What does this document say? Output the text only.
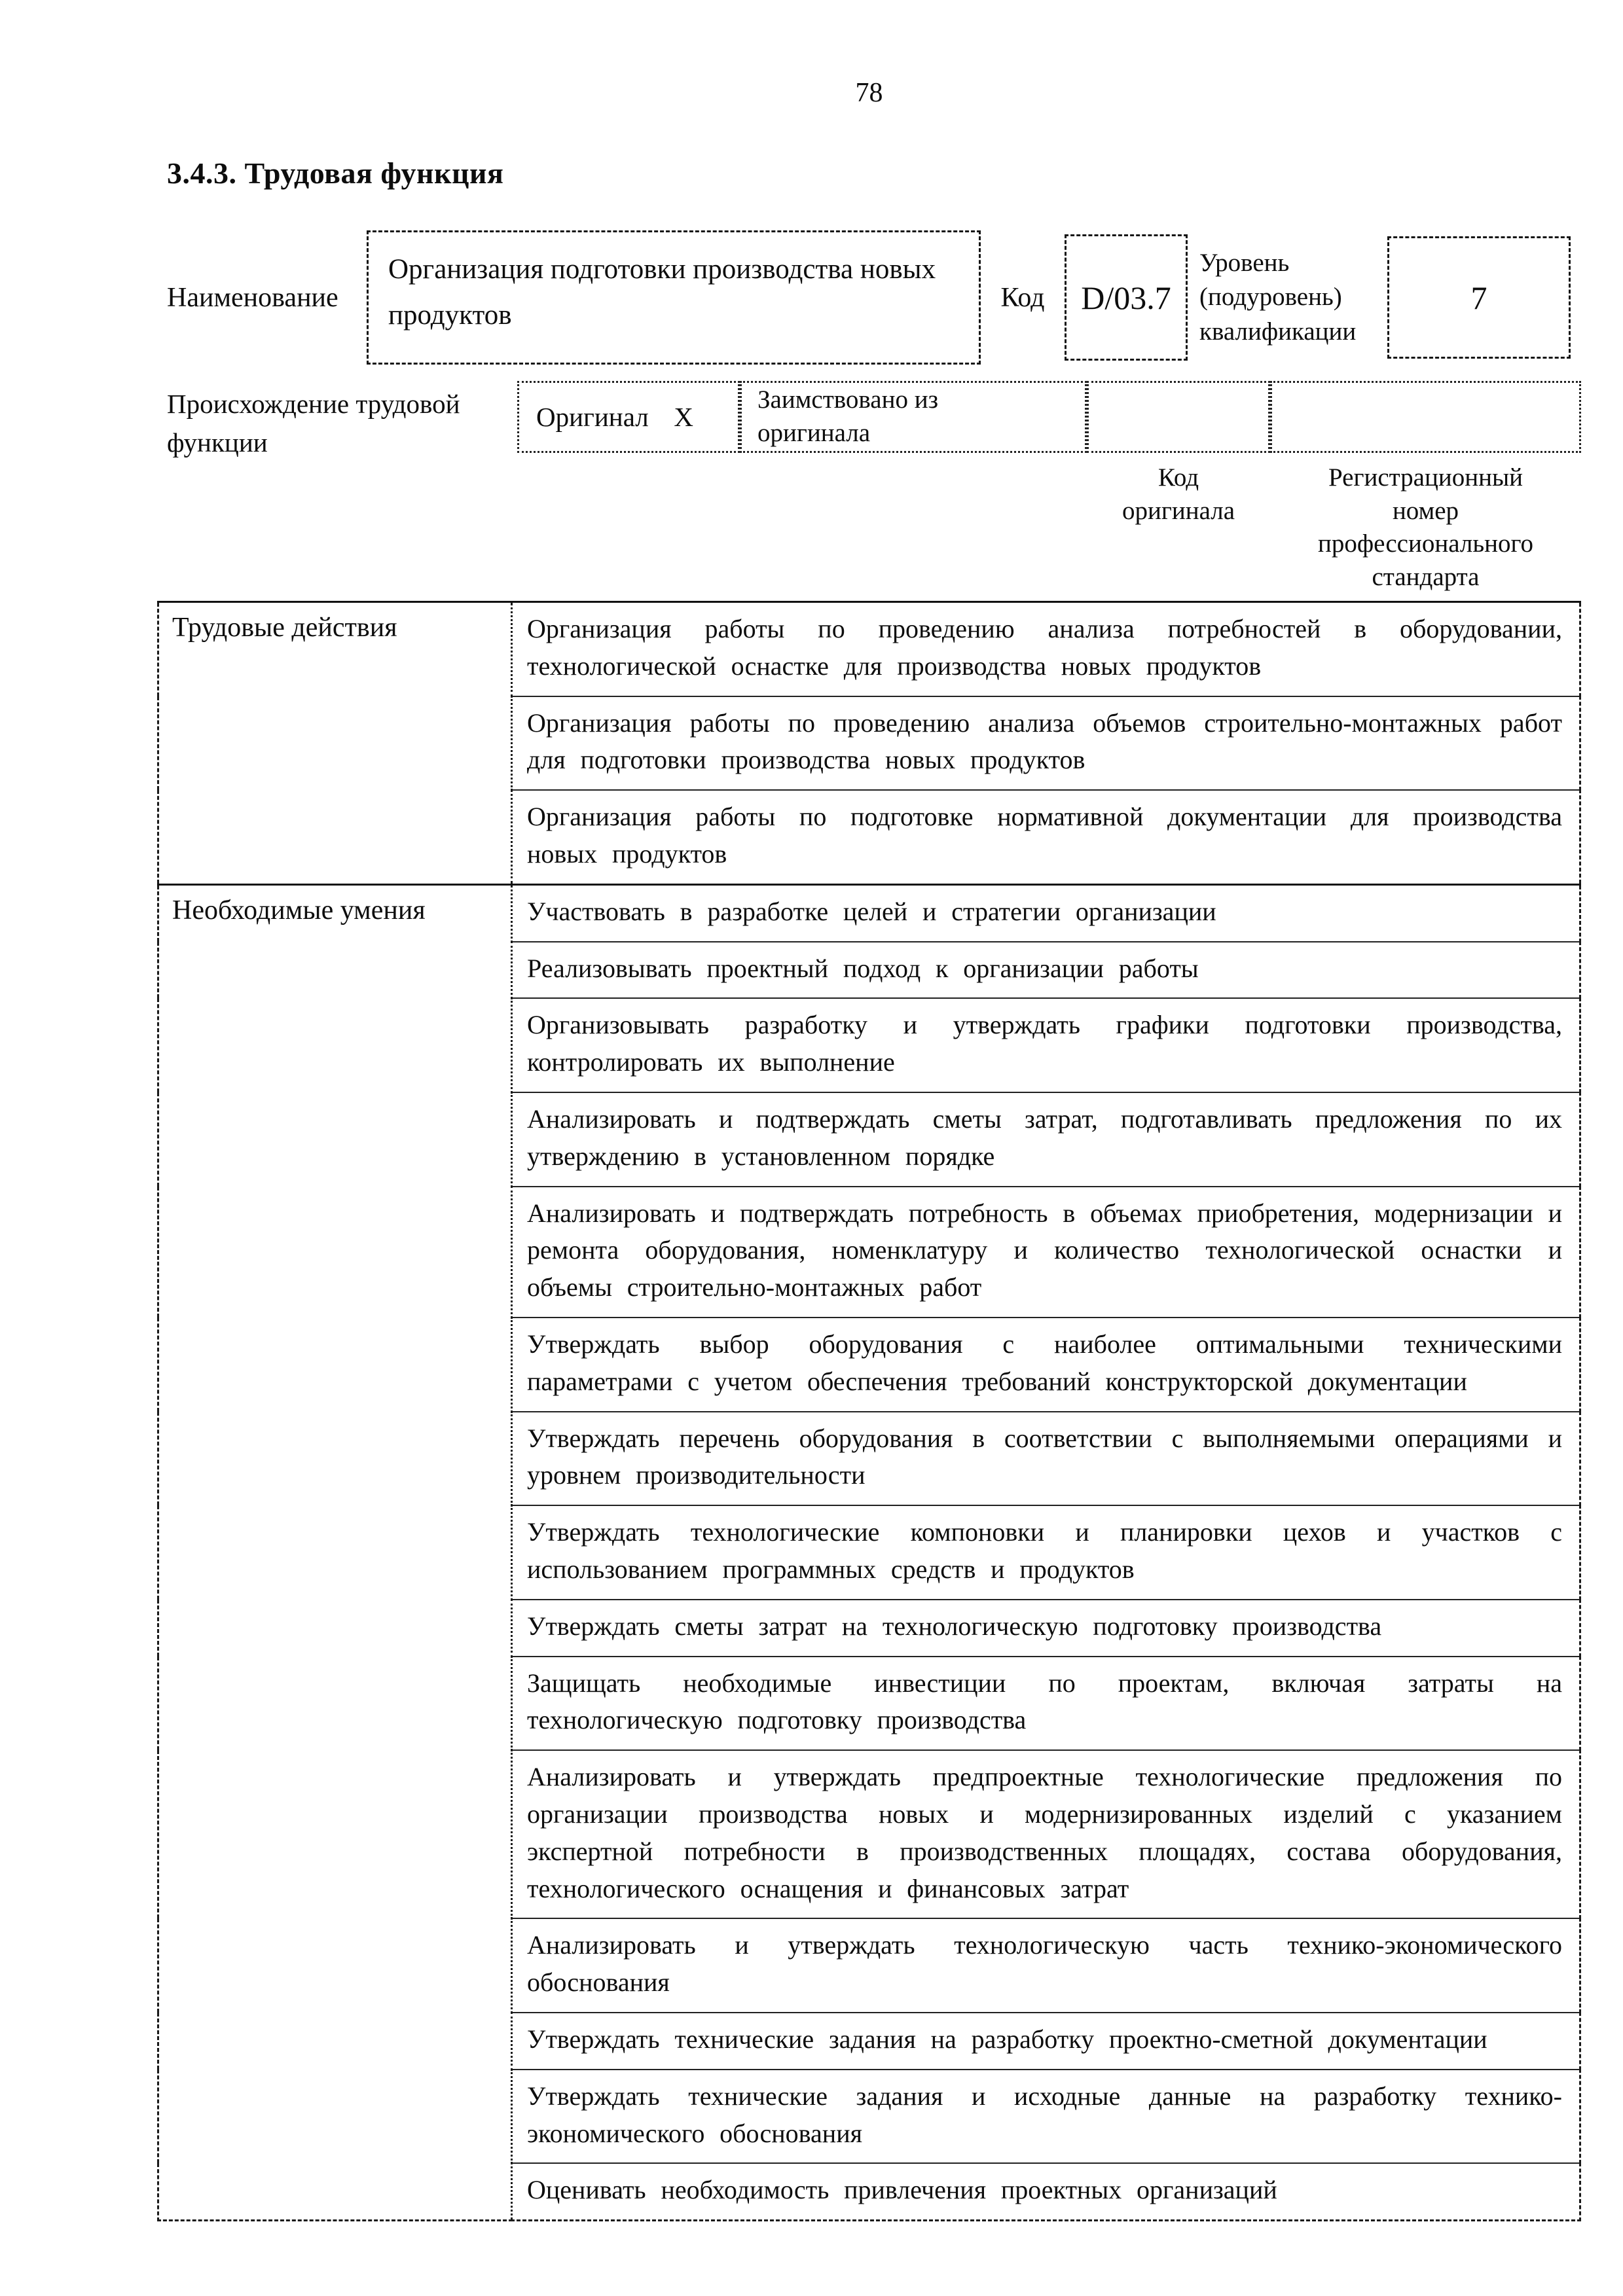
78
3.4.3. Трудовая функция
Наименование
Организация подготовки производства новых продуктов
Код	D/03.7
Уровень (подуровень) квалификации
7
Происхождение трудовой функции
Оригинал X
Заимствовано из оригинала
Код оригинала
Регистрационный номер профессионального стандарта
Трудовые действия	Организация работы по проведению анализа потребностей в оборудовании, технологической оснастке для производства новых продуктов
	Организация работы по проведению анализа объемов строительно-монтажных работ для подготовки производства новых продуктов
	Организация работы по подготовке нормативной документации для производства новых продуктов
Необходимые умения	Участвовать в разработке целей и стратегии организации
	Реализовывать проектный подход к организации работы
	Организовывать разработку и утверждать графики подготовки производства, контролировать их выполнение
	Анализировать и подтверждать сметы затрат, подготавливать предложения по их утверждению в установленном порядке
	Анализировать и подтверждать потребность в объемах приобретения, модернизации и ремонта оборудования, номенклатуру и количество технологической оснастки и объемы строительно-монтажных работ
	Утверждать выбор оборудования с наиболее оптимальными техническими параметрами с учетом обеспечения требований конструкторской документации
	Утверждать перечень оборудования в соответствии с выполняемыми операциями и уровнем производительности
	Утверждать технологические компоновки и планировки цехов и участков с использованием программных средств и продуктов
	Утверждать сметы затрат на технологическую подготовку производства
	Защищать необходимые инвестиции по проектам, включая затраты на технологическую подготовку производства
	Анализировать и утверждать предпроектные технологические предложения по организации производства новых и модернизированных изделий с указанием экспертной потребности в производственных площадях, состава оборудования, технологического оснащения и финансовых затрат
	Анализировать и утверждать технологическую часть технико-экономического обоснования
	Утверждать технические задания на разработку проектно-сметной документации
	Утверждать технические задания и исходные данные на разработку технико-экономического обоснования
	Оценивать необходимость привлечения проектных организаций
